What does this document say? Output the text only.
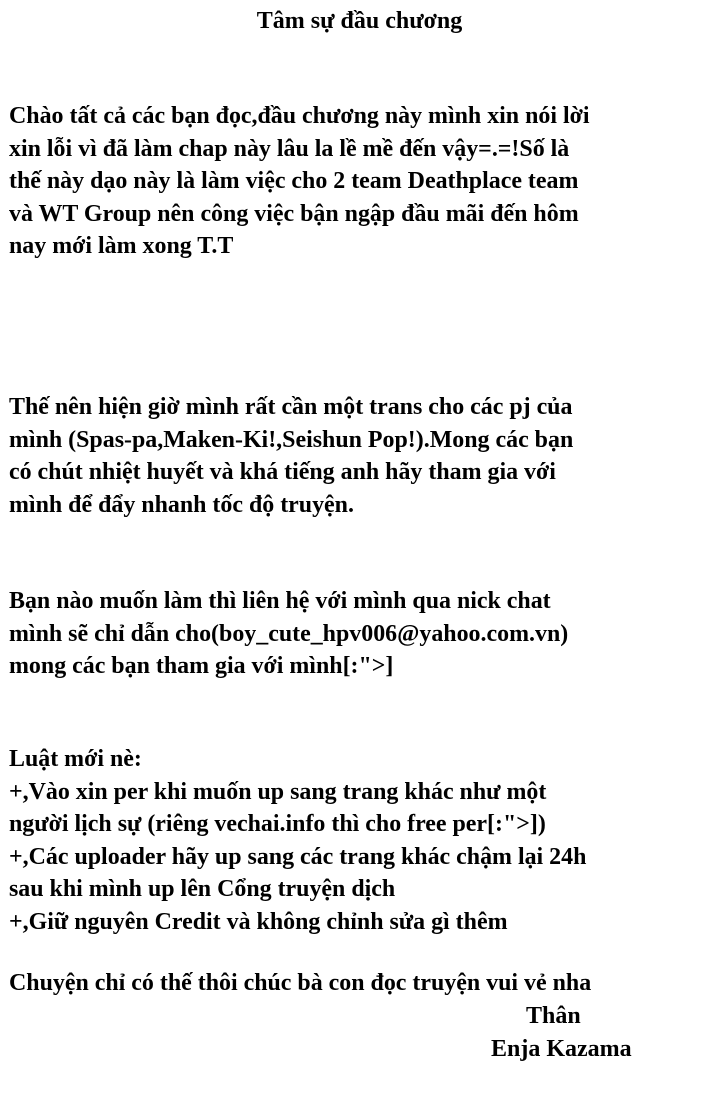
Tâm sự đầu chương

Chào tất cả các bạn đọc,đầu chương này mình xin nói lời
xin lỗi vì đã làm chap này lâu la lề mề đến vậy=.=!Số là
thế này dạo này là làm việc cho 2 team Deathplace team
và WT Group nên công việc bận ngập đầu mãi đến hôm
nay mới làm xong T.T

Thế nên hiện giờ mình rất cần một trans cho các pj của
mình (Spas-pa,Maken-Ki!,Seishun Pop!).Mong các bạn
có chút nhiệt huyết và khá tiếng anh hãy tham gia với
mình để đẩy nhanh tốc độ truyện.

Bạn nào muốn làm thì liên hệ với mình qua nick chat
mình sẽ chỉ dẫn cho(boy_cute_hpv006@yahoo.com.vn)
mong các bạn tham gia với mình[:">]

Luật mới nè:
+,Vào xin per khi muốn up sang trang khác như một
người lịch sự (riêng vechai.info thì cho free per[:">])
+,Các uploader hãy up sang các trang khác chậm lại 24h
sau khi mình up lên Cổng truyện dịch
+,Giữ nguyên Credit và không chỉnh sửa gì thêm

Chuyện chỉ có thế thôi chúc bà con đọc truyện vui vẻ nha

Thân
Enja Kazama
